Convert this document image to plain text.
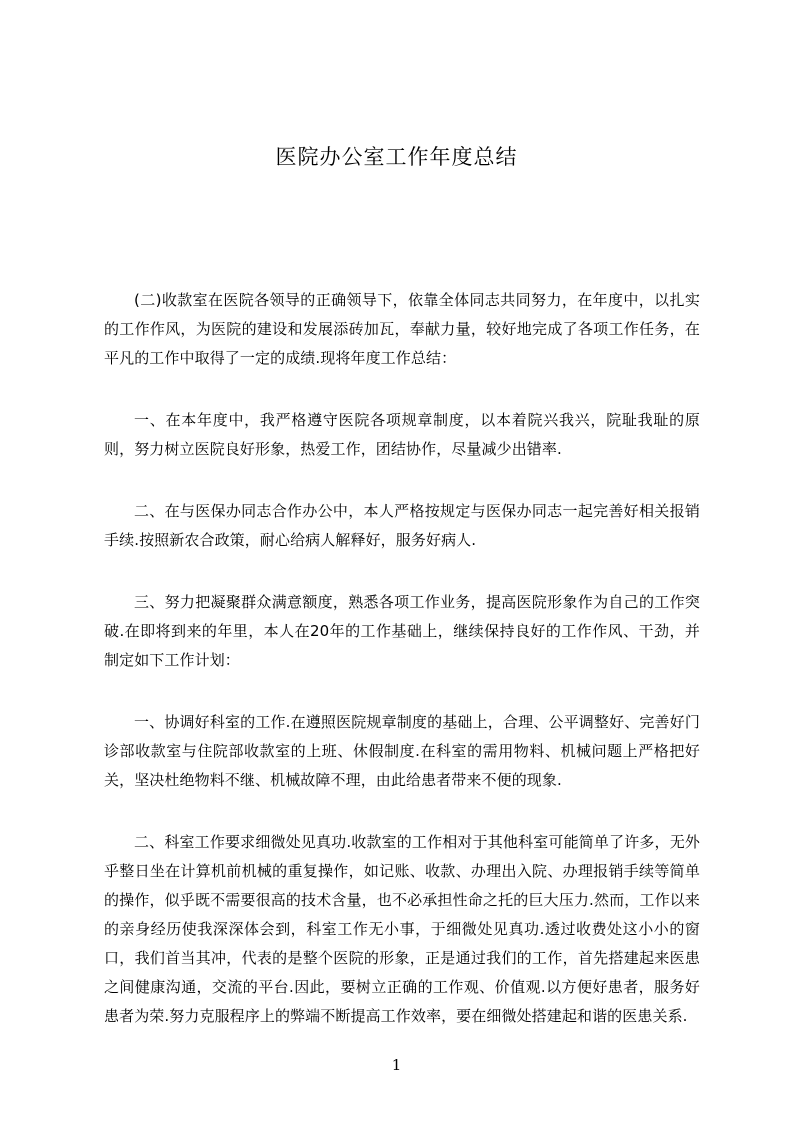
医院办公室工作年度总结

(二)收款室在医院各领导的正确领导下，依靠全体同志共同努力，在年度中，以扎实的工作作风，为医院的建设和发展添砖加瓦，奉献力量，较好地完成了各项工作任务，在平凡的工作中取得了一定的成绩.现将年度工作总结：

一、在本年度中，我严格遵守医院各项规章制度，以本着院兴我兴，院耻我耻的原则，努力树立医院良好形象，热爱工作，团结协作，尽量减少出错率.

二、在与医保办同志合作办公中，本人严格按规定与医保办同志一起完善好相关报销手续.按照新农合政策，耐心给病人解释好，服务好病人.

三、努力把凝聚群众满意额度，熟悉各项工作业务，提高医院形象作为自己的工作突破.在即将到来的年里，本人在20年的工作基础上，继续保持良好的工作作风、干劲，并制定如下工作计划：

一、协调好科室的工作.在遵照医院规章制度的基础上，合理、公平调整好、完善好门诊部收款室与住院部收款室的上班、休假制度.在科室的需用物料、机械问题上严格把好关，坚决杜绝物料不继、机械故障不理，由此给患者带来不便的现象.

二、科室工作要求细微处见真功.收款室的工作相对于其他科室可能简单了许多，无外乎整日坐在计算机前机械的重复操作，如记账、收款、办理出入院、办理报销手续等简单的操作，似乎既不需要很高的技术含量，也不必承担性命之托的巨大压力.然而，工作以来的亲身经历使我深深体会到，科室工作无小事，于细微处见真功.透过收费处这小小的窗口，我们首当其冲，代表的是整个医院的形象，正是通过我们的工作，首先搭建起来医患之间健康沟通，交流的平台.因此，要树立正确的工作观、价值观.以方便好患者，服务好患者为荣.努力克服程序上的弊端不断提高工作效率，要在细微处搭建起和谐的医患关系.

1
